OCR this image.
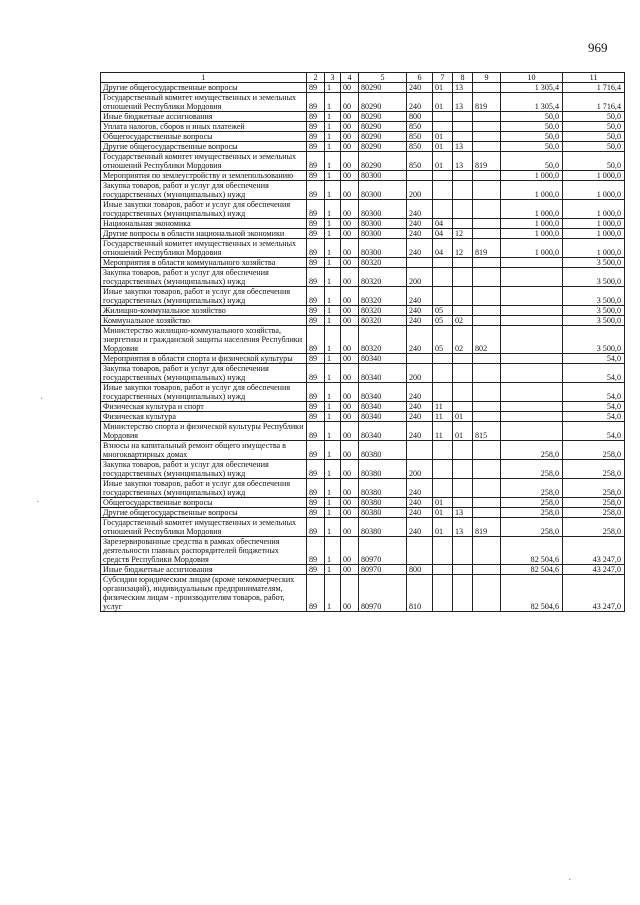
969
1	2	3	4	5	6	7	8	9	10	11
Другие общегосударственные вопросы	89	1	00	80290	240	01	13		1 305,4	1 716,4
Государственный комитет имущественных и земельных отношений Республики Мордовия	89	1	00	80290	240	01	13	819	1 305,4	1 716,4
Иные бюджетные ассигнования	89	1	00	80290	800				50,0	50,0
Уплата налогов, сборов и иных платежей	89	1	00	80290	850				50,0	50,0
Общегосударственные вопросы	89	1	00	80290	850	01			50,0	50,0
Другие общегосударственные вопросы	89	1	00	80290	850	01	13		50,0	50,0
Государственный комитет имущественных и земельных отношений Республики Мордовия	89	1	00	80290	850	01	13	819	50,0	50,0
Мероприятия по землеустройству и землепользованию	89	1	00	80300					1 000,0	1 000,0
Закупка товаров, работ и услуг для обеспечения государственных (муниципальных) нужд	89	1	00	80300	200				1 000,0	1 000,0
Иные закупки товаров, работ и услуг для обеспечения государственных (муниципальных) нужд	89	1	00	80300	240				1 000,0	1 000,0
Национальная экономика	89	1	00	80300	240	04			1 000,0	1 000,0
Другие вопросы в области национальной экономики	89	1	00	80300	240	04	12		1 000,0	1 000,0
Государственный комитет имущественных и земельных отношений Республики Мордовия	89	1	00	80300	240	04	12	819	1 000,0	1 000,0
Мероприятия в области коммунального хозяйства	89	1	00	80320						3 500,0
Закупка товаров, работ и услуг для обеспечения государственных (муниципальных) нужд	89	1	00	80320	200					3 500,0
Иные закупки товаров, работ и услуг для обеспечения государственных (муниципальных) нужд	89	1	00	80320	240					3 500,0
Жилищно-коммунальное хозяйство	89	1	00	80320	240	05				3 500,0
Коммунальное хозяйство	89	1	00	80320	240	05	02			3 500,0
Министерство жилищно-коммунального хозяйства, энергетики и гражданской защиты населения Республики Мордовия	89	1	00	80320	240	05	02	802		3 500,0
Мероприятия в области спорта и физической культуры	89	1	00	80340						54,0
Закупка товаров, работ и услуг для обеспечения государственных (муниципальных) нужд	89	1	00	80340	200					54,0
Иные закупки товаров, работ и услуг для обеспечения государственных (муниципальных) нужд	89	1	00	80340	240					54,0
Физическая культура и спорт	89	1	00	80340	240	11				54,0
Физическая культура	89	1	00	80340	240	11	01			54,0
Министерство спорта и физической культуры Республики Мордовия	89	1	00	80340	240	11	01	815		54,0
Взносы на капитальный ремонт общего имущества в многоквартирных домах	89	1	00	80380					258,0	258,0
Закупка товаров, работ и услуг для обеспечения государственных (муниципальных) нужд	89	1	00	80380	200				258,0	258,0
Иные закупки товаров, работ и услуг для обеспечения государственных (муниципальных) нужд	89	1	00	80380	240				258,0	258,0
Общегосударственные вопросы	89	1	00	80380	240	01			258,0	258,0
Другие общегосударственные вопросы	89	1	00	80380	240	01	13		258,0	258,0
Государственный комитет имущественных и земельных отношений Республики Мордовия	89	1	00	80380	240	01	13	819	258,0	258,0
Зарезервированные средства в рамках обеспечения деятельности главных распорядителей бюджетных средств Республики Мордовия	89	1	00	80970					82 504,6	43 247,0
Иные бюджетные ассигнования	89	1	00	80970	800				82 504,6	43 247,0
Субсидии юридическим лицам (кроме некоммерческих организаций), индивидуальным предпринимателям, физическим лицам - производителям товаров, работ, услуг	89	1	00	80970	810				82 504,6	43 247,0
·
·
·
